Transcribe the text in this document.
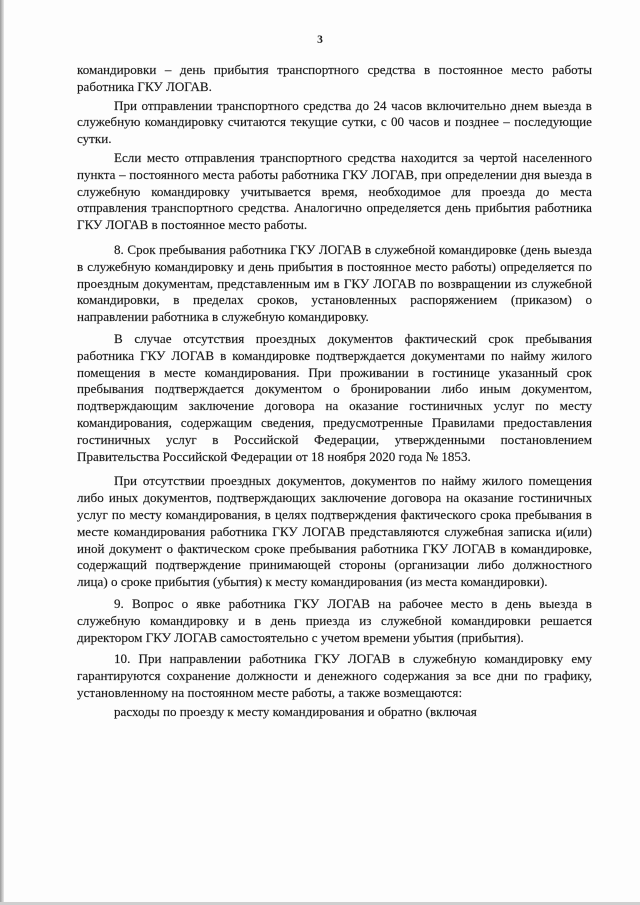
3

командировки – день прибытия транспортного средства в постоянное место работы работника ГКУ ЛОГАВ.

При отправлении транспортного средства до 24 часов включительно днем выезда в служебную командировку считаются текущие сутки, с 00 часов и позднее – последующие сутки.

Если место отправления транспортного средства находится за чертой населенного пункта – постоянного места работы работника ГКУ ЛОГАВ, при определении дня выезда в служебную командировку учитывается время, необходимое для проезда до места отправления транспортного средства. Аналогично определяется день прибытия работника ГКУ ЛОГАВ в постоянное место работы.

8. Срок пребывания работника ГКУ ЛОГАВ в служебной командировке (день выезда в служебную командировку и день прибытия в постоянное место работы) определяется по проездным документам, представленным им в ГКУ ЛОГАВ по возвращении из служебной командировки, в пределах сроков, установленных распоряжением (приказом) о направлении работника в служебную командировку.

В случае отсутствия проездных документов фактический срок пребывания работника ГКУ ЛОГАВ в командировке подтверждается документами по найму жилого помещения в месте командирования. При проживании в гостинице указанный срок пребывания подтверждается документом о бронировании либо иным документом, подтверждающим заключение договора на оказание гостиничных услуг по месту командирования, содержащим сведения, предусмотренные Правилами предоставления гостиничных услуг в Российской Федерации, утвержденными постановлением Правительства Российской Федерации от 18 ноября 2020 года № 1853.

При отсутствии проездных документов, документов по найму жилого помещения либо иных документов, подтверждающих заключение договора на оказание гостиничных услуг по месту командирования, в целях подтверждения фактического срока пребывания в месте командирования работника ГКУ ЛОГАВ представляются служебная записка и(или) иной документ о фактическом сроке пребывания работника ГКУ ЛОГАВ в командировке, содержащий подтверждение принимающей стороны (организации либо должностного лица) о сроке прибытия (убытия) к месту командирования (из места командировки).

9. Вопрос о явке работника ГКУ ЛОГАВ на рабочее место в день выезда в служебную командировку и в день приезда из служебной командировки решается директором ГКУ ЛОГАВ самостоятельно с учетом времени убытия (прибытия).

10. При направлении работника ГКУ ЛОГАВ в служебную командировку ему гарантируются сохранение должности и денежного содержания за все дни по графику, установленному на постоянном месте работы, а также возмещаются:

расходы по проезду к месту командирования и обратно (включая
